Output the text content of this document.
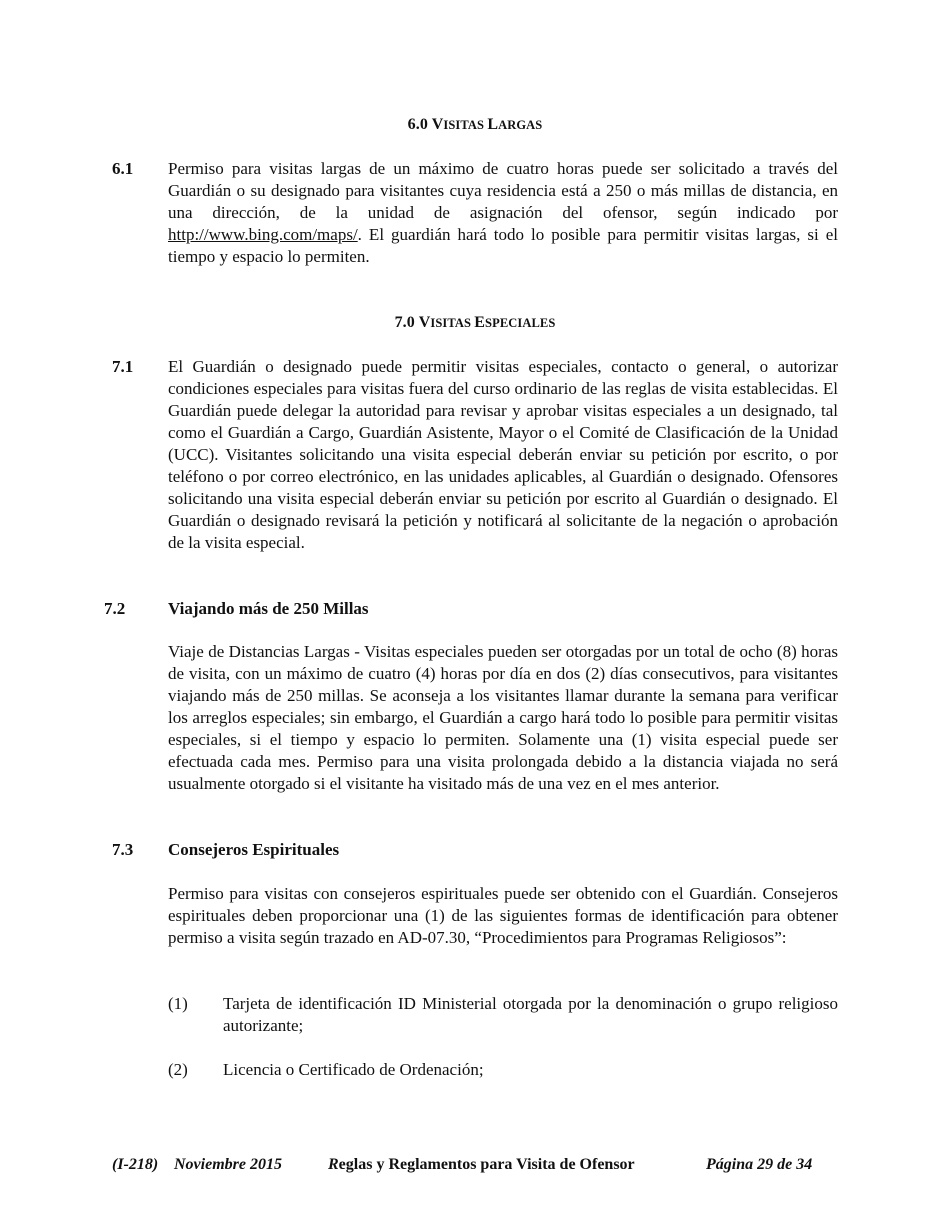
6.0 VISITAS LARGAS
6.1 Permiso para visitas largas de un máximo de cuatro horas puede ser solicitado a través del Guardián o su designado para visitantes cuya residencia está a 250 o más millas de distancia, en una dirección, de la unidad de asignación del ofensor, según indicado por http://www.bing.com/maps/. El guardián hará todo lo posible para permitir visitas largas, si el tiempo y espacio lo permiten.
7.0 VISITAS ESPECIALES
7.1 El Guardián o designado puede permitir visitas especiales, contacto o general, o autorizar condiciones especiales para visitas fuera del curso ordinario de las reglas de visita establecidas. El Guardián puede delegar la autoridad para revisar y aprobar visitas especiales a un designado, tal como el Guardián a Cargo, Guardián Asistente, Mayor o el Comité de Clasificación de la Unidad (UCC). Visitantes solicitando una visita especial deberán enviar su petición por escrito, o por teléfono o por correo electrónico, en las unidades aplicables, al Guardián o designado. Ofensores solicitando una visita especial deberán enviar su petición por escrito al Guardián o designado. El Guardián o designado revisará la petición y notificará al solicitante de la negación o aprobación de la visita especial.
7.2	Viajando más de 250 Millas
Viaje de Distancias Largas - Visitas especiales pueden ser otorgadas por un total de ocho (8) horas de visita, con un máximo de cuatro (4) horas por día en dos (2) días consecutivos, para visitantes viajando más de 250 millas. Se aconseja a los visitantes llamar durante la semana para verificar los arreglos especiales; sin embargo, el Guardián a cargo hará todo lo posible para permitir visitas especiales, si el tiempo y espacio lo permiten. Solamente una (1) visita especial puede ser efectuada cada mes. Permiso para una visita prolongada debido a la distancia viajada no será usualmente otorgado si el visitante ha visitado más de una vez en el mes anterior.
7.3 Consejeros Espirituales
Permiso para visitas con consejeros espirituales puede ser obtenido con el Guardián. Consejeros espirituales deben proporcionar una (1) de las siguientes formas de identificación para obtener permiso a visita según trazado en AD-07.30, “Procedimientos para Programas Religiosos”:
(1) Tarjeta de identificación ID Ministerial otorgada por la denominación o grupo religioso autorizante;
(2) Licencia o Certificado de Ordenación;
(I-218) Noviembre 2015	Reglas y Reglamentos para Visita de Ofensor	Página 29 de 34
